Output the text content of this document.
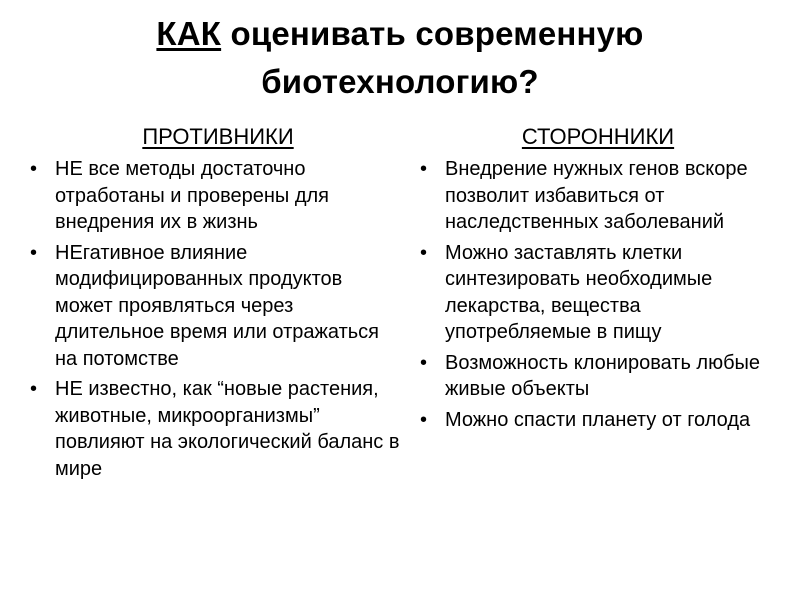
КАК оценивать современную
биотехнологию?
ПРОТИВНИКИ
• НЕ все методы достаточно отработаны и проверены для внедрения их в жизнь
• НЕгативное влияние модифицированных продуктов может проявляться через длительное время или отражаться на потомстве
• НЕ известно, как “новые растения, животные, микроорганизмы” повлияют на экологический баланс в мире
СТОРОННИКИ
• Внедрение нужных генов вскоре позволит избавиться от наследственных заболеваний
• Можно заставлять клетки синтезировать необходимые лекарства, вещества употребляемые в пищу
• Возможность клонировать любые живые объекты
• Можно спасти планету от голода
